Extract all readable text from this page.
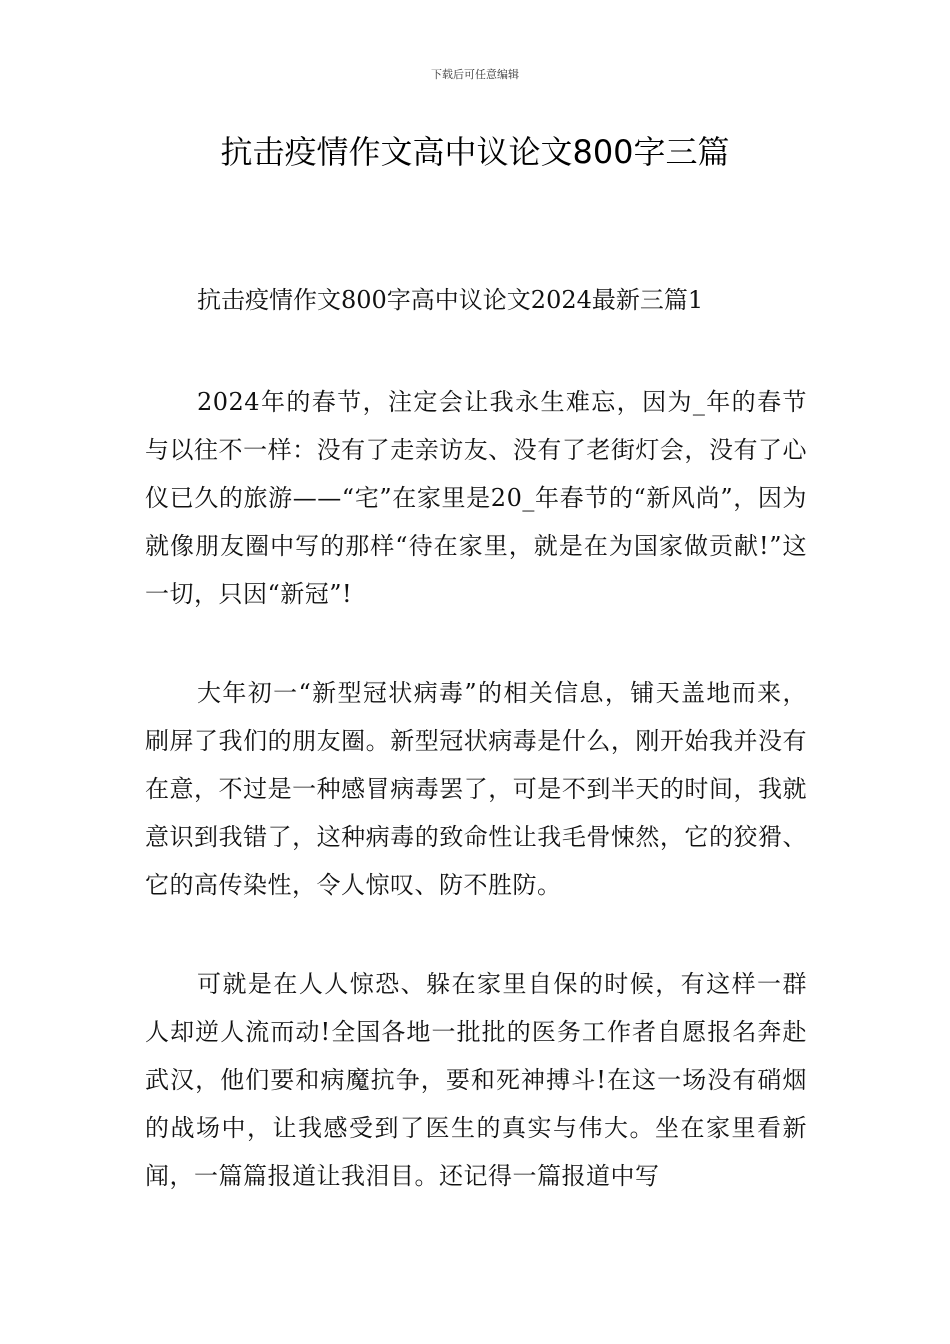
下载后可任意编辑
抗击疫情作文高中议论文800字三篇
抗击疫情作文800字高中议论文2024最新三篇1

2024年的春节，注定会让我永生难忘，因为_年的春节与以往不一样：没有了走亲访友、没有了老街灯会，没有了心仪已久的旅游——“宅”在家里是20_年春节的“新风尚”，因为就像朋友圈中写的那样“待在家里，就是在为国家做贡献!”这一切，只因“新冠”!

大年初一“新型冠状病毒”的相关信息，铺天盖地而来，刷屏了我们的朋友圈。新型冠状病毒是什么，刚开始我并没有在意，不过是一种感冒病毒罢了，可是不到半天的时间，我就意识到我错了，这种病毒的致命性让我毛骨悚然，它的狡猾、它的高传染性，令人惊叹、防不胜防。

可就是在人人惊恐、躲在家里自保的时候，有这样一群人却逆人流而动!全国各地一批批的医务工作者自愿报名奔赴武汉，他们要和病魔抗争，要和死神搏斗!在这一场没有硝烟的战场中，让我感受到了医生的真实与伟大。坐在家里看新闻，一篇篇报道让我泪目。还记得一篇报道中写
